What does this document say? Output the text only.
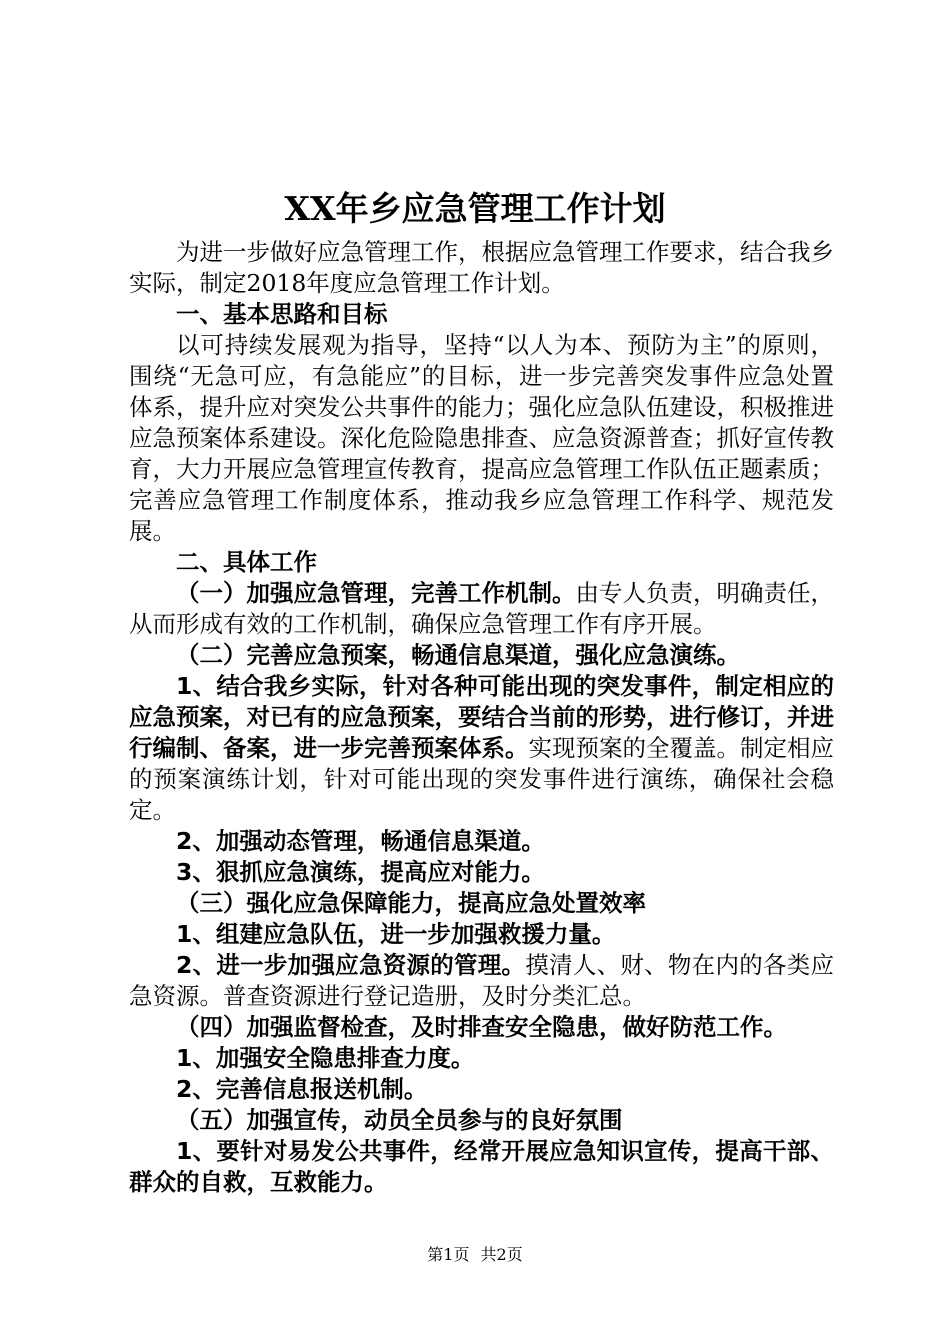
XX年乡应急管理工作计划

为进一步做好应急管理工作，根据应急管理工作要求，结合我乡实际，制定2018年度应急管理工作计划。

一、基本思路和目标

以可持续发展观为指导，坚持“以人为本、预防为主”的原则，围绕“无急可应，有急能应”的目标，进一步完善突发事件应急处置体系，提升应对突发公共事件的能力；强化应急队伍建设，积极推进应急预案体系建设。深化危险隐患排查、应急资源普查；抓好宣传教育，大力开展应急管理宣传教育，提高应急管理工作队伍正题素质；完善应急管理工作制度体系，推动我乡应急管理工作科学、规范发展。

二、具体工作

（一）加强应急管理，完善工作机制。由专人负责，明确责任，从而形成有效的工作机制，确保应急管理工作有序开展。

（二）完善应急预案，畅通信息渠道，强化应急演练。

1、结合我乡实际，针对各种可能出现的突发事件，制定相应的应急预案，对已有的应急预案，要结合当前的形势，进行修订，并进行编制、备案，进一步完善预案体系。实现预案的全覆盖。制定相应的预案演练计划，针对可能出现的突发事件进行演练，确保社会稳定。

2、加强动态管理，畅通信息渠道。

3、狠抓应急演练，提高应对能力。

（三）强化应急保障能力，提高应急处置效率

1、组建应急队伍，进一步加强救援力量。

2、进一步加强应急资源的管理。摸清人、财、物在内的各类应急资源。普查资源进行登记造册，及时分类汇总。

（四）加强监督检查，及时排查安全隐患，做好防范工作。

1、加强安全隐患排查力度。

2、完善信息报送机制。

（五）加强宣传，动员全员参与的良好氛围

1、要针对易发公共事件，经常开展应急知识宣传，提高干部、群众的自救，互救能力。

第1页 共2页
